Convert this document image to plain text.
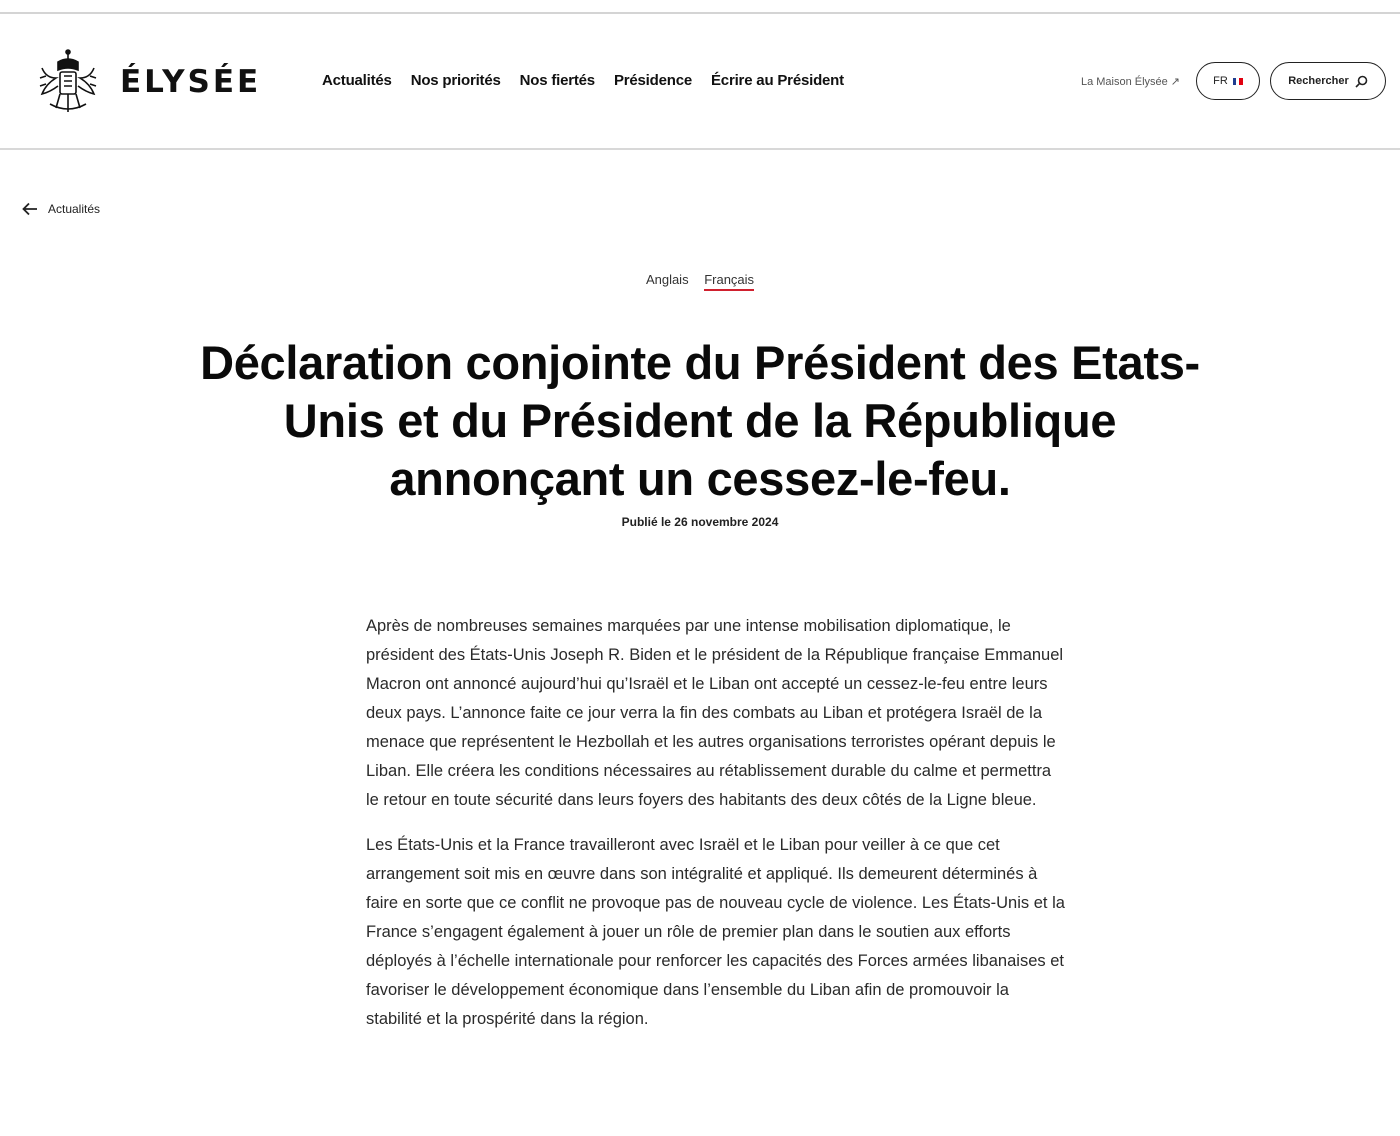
ÉLYSÉE	Actualités Nos priorités Nos fiertés Présidence Écrire au Président	La Maison Élysée ↗	FR	Rechercher
Actualités
Anglais Français
Déclaration conjointe du Président des Etats-Unis et du Président de la République annonçant un cessez-le-feu.
Publié le 26 novembre 2024

Après de nombreuses semaines marquées par une intense mobilisation diplomatique, le président des États-Unis Joseph R. Biden et le président de la République française Emmanuel Macron ont annoncé aujourd’hui qu’Israël et le Liban ont accepté un cessez-le-feu entre leurs deux pays. L’annonce faite ce jour verra la fin des combats au Liban et protégera Israël de la menace que représentent le Hezbollah et les autres organisations terroristes opérant depuis le Liban. Elle créera les conditions nécessaires au rétablissement durable du calme et permettra le retour en toute sécurité dans leurs foyers des habitants des deux côtés de la Ligne bleue.

Les États-Unis et la France travailleront avec Israël et le Liban pour veiller à ce que cet arrangement soit mis en œuvre dans son intégralité et appliqué. Ils demeurent déterminés à faire en sorte que ce conflit ne provoque pas de nouveau cycle de violence. Les États-Unis et la France s’engagent également à jouer un rôle de premier plan dans le soutien aux efforts déployés à l’échelle internationale pour renforcer les capacités des Forces armées libanaises et favoriser le développement économique dans l’ensemble du Liban afin de promouvoir la stabilité et la prospérité dans la région.
